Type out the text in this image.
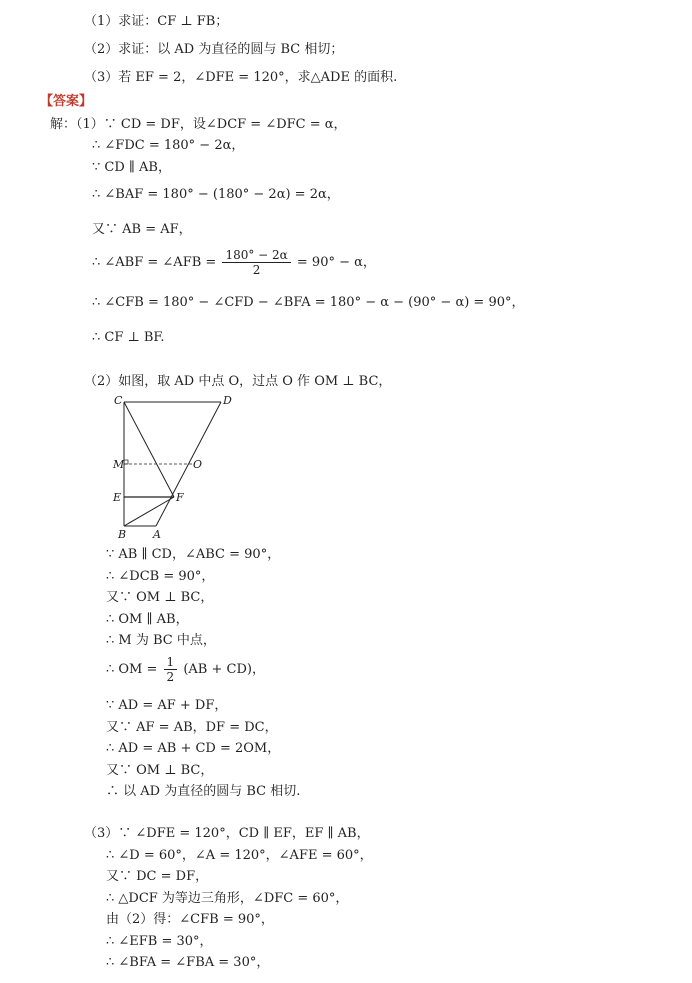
（1）求证：CF ⊥ FB；
（2）求证：以 AD 为直径的圆与 BC 相切；
（3）若 EF = 2，∠DFE = 120°，求△ADE 的面积.
【答案】
解：（1）∵ CD = DF，设∠DCF = ∠DFC = α，
∴ ∠FDC = 180° − 2α，
∵ CD ∥ AB，
∴ ∠BAF = 180° − (180° − 2α) = 2α，
又∵ AB = AF，
∴ ∠ABF = ∠AFB = $\frac{180^\circ - 2\alpha}{2} = 90^\circ - \alpha$，
∴ ∠CFB = 180° − ∠CFD − ∠BFA = 180° − α − (90° − α) = 90°，
∴ CF ⊥ BF.
（2）如图，取 AD 中点 O，过点 O 作 OM ⊥ BC，
C	D
M	O
E	F
B A
∵ AB ∥ CD，∠ABC = 90°，
∴ ∠DCB = 90°，
又∵ OM ⊥ BC，
∴ OM ∥ AB，
∴ M 为 BC 中点，
∴ OM = $\frac{1}{2} (AB + CD)$，
∵ AD = AF + DF，
又∵ AF = AB，DF = DC，
∴ AD = AB + CD = 2OM，
又∵ OM ⊥ BC，
∴ 以 AD 为直径的圆与 BC 相切.
（3）∵ ∠DFE = 120°，CD ∥ EF，EF ∥ AB，
∴ ∠D = 60°，∠A = 120°，∠AFE = 60°，
又∵ DC = DF，
∴ △DCF 为等边三角形，∠DFC = 60°，
由（2）得：∠CFB = 90°，
∴ ∠EFB = 30°，
∴ ∠BFA = ∠FBA = 30°，
